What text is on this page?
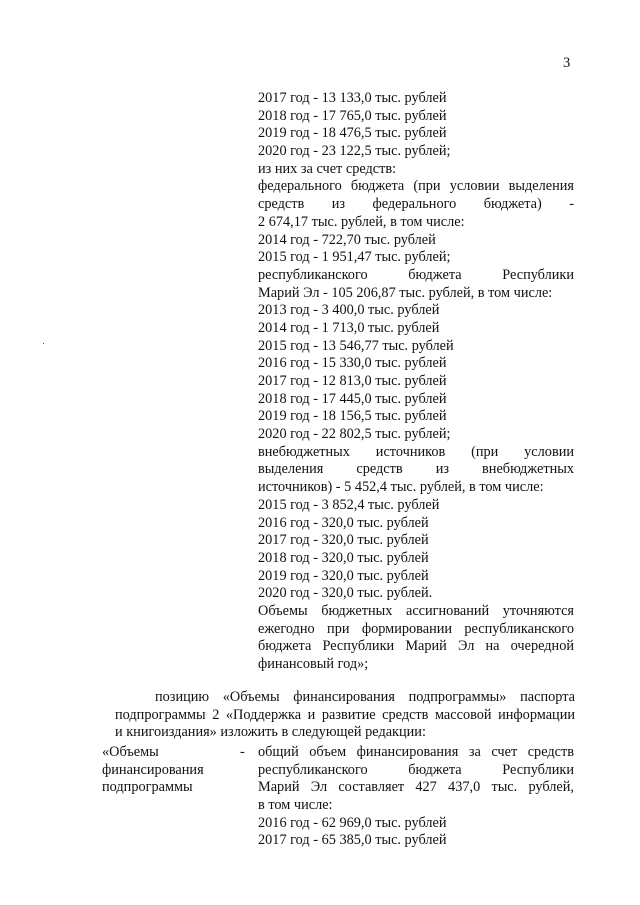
3
2017 год - 13 133,0 тыс. рублей
2018 год - 17 765,0 тыс. рублей
2019 год - 18 476,5 тыс. рублей
2020 год - 23 122,5 тыс. рублей;
из них за счет средств:
федерального бюджета (при условии выделения
средств из федерального бюджета) -
2 674,17 тыс. рублей, в том числе:
2014 год - 722,70 тыс. рублей
2015 год - 1 951,47 тыс. рублей;
республиканского бюджета Республики
Марий Эл - 105 206,87 тыс. рублей, в том числе:
2013 год - 3 400,0 тыс. рублей
2014 год - 1 713,0 тыс. рублей
2015 год - 13 546,77 тыс. рублей
2016 год - 15 330,0 тыс. рублей
2017 год - 12 813,0 тыс. рублей
2018 год - 17 445,0 тыс. рублей
2019 год - 18 156,5 тыс. рублей
2020 год - 22 802,5 тыс. рублей;
внебюджетных источников (при условии
выделения средств из внебюджетных
источников) - 5 452,4 тыс. рублей, в том числе:
2015 год - 3 852,4 тыс. рублей
2016 год - 320,0 тыс. рублей
2017 год - 320,0 тыс. рублей
2018 год - 320,0 тыс. рублей
2019 год - 320,0 тыс. рублей
2020 год - 320,0 тыс. рублей.
Объемы бюджетных ассигнований уточняются
ежегодно при формировании республиканского
бюджета Республики Марий Эл на очередной
финансовый год»;
позицию «Объемы финансирования подпрограммы» паспорта
подпрограммы 2 «Поддержка и развитие средств массовой информации
и книгоиздания» изложить в следующей редакции:
«Объемы
финансирования
подпрограммы
- общий объем финансирования за счет средств
республиканского бюджета Республики
Марий Эл составляет 427 437,0 тыс. рублей,
в том числе:
2016 год - 62 969,0 тыс. рублей
2017 год - 65 385,0 тыс. рублей
